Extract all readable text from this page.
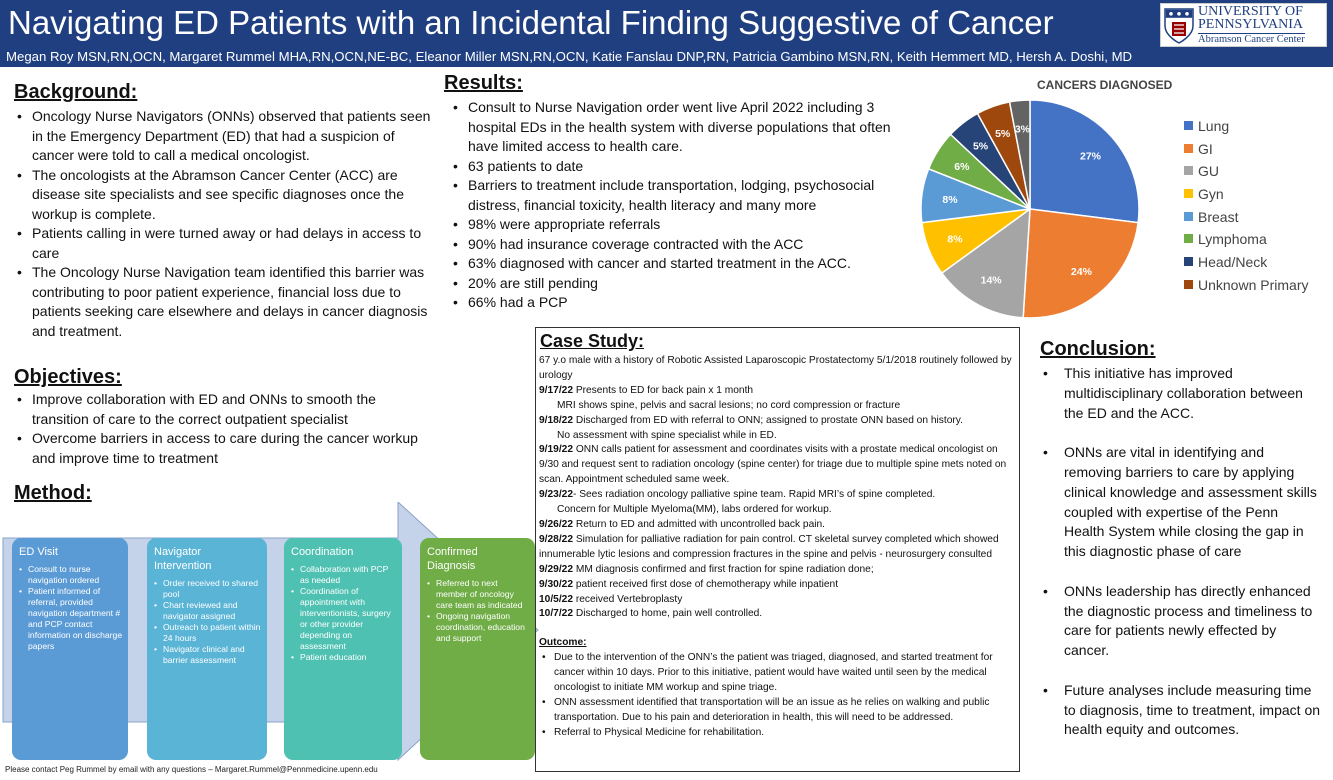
Navigating ED Patients with an Incidental Finding Suggestive of Cancer
Megan Roy MSN,RN,OCN, Margaret Rummel MHA,RN,OCN,NE-BC, Eleanor Miller MSN,RN,OCN, Katie Fanslau DNP,RN, Patricia Gambino MSN,RN, Keith Hemmert MD, Hersh A. Doshi, MD
UNIVERSITY OF
PENNSYLVANIA
Abramson Cancer Center
Background:
• Oncology Nurse Navigators (ONNs) observed that patients seen in the Emergency Department (ED) that had a suspicion of cancer were told to call a medical oncologist.
• The oncologists at the Abramson Cancer Center (ACC) are disease site specialists and see specific diagnoses once the workup is complete.
• Patients calling in were turned away or had delays in access to care
• The Oncology Nurse Navigation team identified this barrier was contributing to poor patient experience, financial loss due to patients seeking care elsewhere and delays in cancer diagnosis and treatment.
Objectives:
• Improve collaboration with ED and ONNs to smooth the transition of care to the correct outpatient specialist
• Overcome barriers in access to care during the cancer workup and improve time to treatment
Method:
ED Visit
• Consult to nurse navigation ordered
• Patient informed of referral, provided navigation department # and PCP contact information on discharge papers
Navigator Intervention
• Order received to shared pool
• Chart reviewed and navigator assigned
• Outreach to patient within 24 hours
• Navigator clinical and barrier assessment
Coordination
• Collaboration with PCP as needed
• Coordination of appointment with interventionists, surgery or other provider depending on assessment
• Patient education
Confirmed Diagnosis
• Referred to next member of oncology care team as indicated
• Ongoing navigation coordination, education and support
Results:
• Consult to Nurse Navigation order went live April 2022 including 3 hospital EDs in the health system with diverse populations that often have limited access to health care.
• 63 patients to date
• Barriers to treatment include transportation, lodging, psychosocial distress, financial toxicity, health literacy and many more
• 98% were appropriate referrals
• 90% had insurance coverage contracted with the ACC
• 63% diagnosed with cancer and started treatment in the ACC.
• 20% are still pending
• 66% had a PCP
CANCERS DIAGNOSED
27%
24%
14%
8%
8%
6%
5%
5% 3%	Lung
GI
GU
Gyn
Breast
Lymphoma
Head/Neck
Unknown Primary
Case Study:

67 y.o male with a history of Robotic Assisted Laparoscopic Prostatectomy 5/1/2018 routinely followed by urology

9/17/22 Presents to ED for back pain x 1 month

MRI shows spine, pelvis and sacral lesions; no cord compression or fracture

9/18/22 Discharged from ED with referral to ONN; assigned to prostate ONN based on history.

No assessment with spine specialist while in ED.

9/19/22 ONN calls patient for assessment and coordinates visits with a prostate medical oncologist on 9/30 and request sent to radiation oncology (spine center) for triage due to multiple spine mets noted on scan. Appointment scheduled same week.

9/23/22- Sees radiation oncology palliative spine team. Rapid MRI’s of spine completed.

Concern for Multiple Myeloma(MM), labs ordered for workup.

9/26/22 Return to ED and admitted with uncontrolled back pain.

9/28/22 Simulation for palliative radiation for pain control. CT skeletal survey completed which showed innumerable lytic lesions and compression fractures in the spine and pelvis - neurosurgery consulted

9/29/22 MM diagnosis confirmed and first fraction for spine radiation done;

9/30/22 patient received first dose of chemotherapy while inpatient

10/5/22 received Vertebroplasty

10/7/22 Discharged to home, pain well controlled.

Outcome:

• Due to the intervention of the ONN’s the patient was triaged, diagnosed, and started treatment for cancer within 10 days. Prior to this initiative, patient would have waited until seen by the medical oncologist to initiate MM workup and spine triage.
• ONN assessment identified that transportation will be an issue as he relies on walking and public transportation. Due to his pain and deterioration in health, this will need to be addressed.
• Referral to Physical Medicine for rehabilitation.
Conclusion:
• This initiative has improved multidisciplinary collaboration between the ED and the ACC.
• ONNs are vital in identifying and removing barriers to care by applying clinical knowledge and assessment skills coupled with expertise of the Penn Health System while closing the gap in this diagnostic phase of care
• ONNs leadership has directly enhanced the diagnostic process and timeliness to care for patients newly effected by cancer.
• Future analyses include measuring time to diagnosis, time to treatment, impact on health equity and outcomes.
Please contact Peg Rummel by email with any questions – Margaret.Rummel@Pennmedicine.upenn.edu
